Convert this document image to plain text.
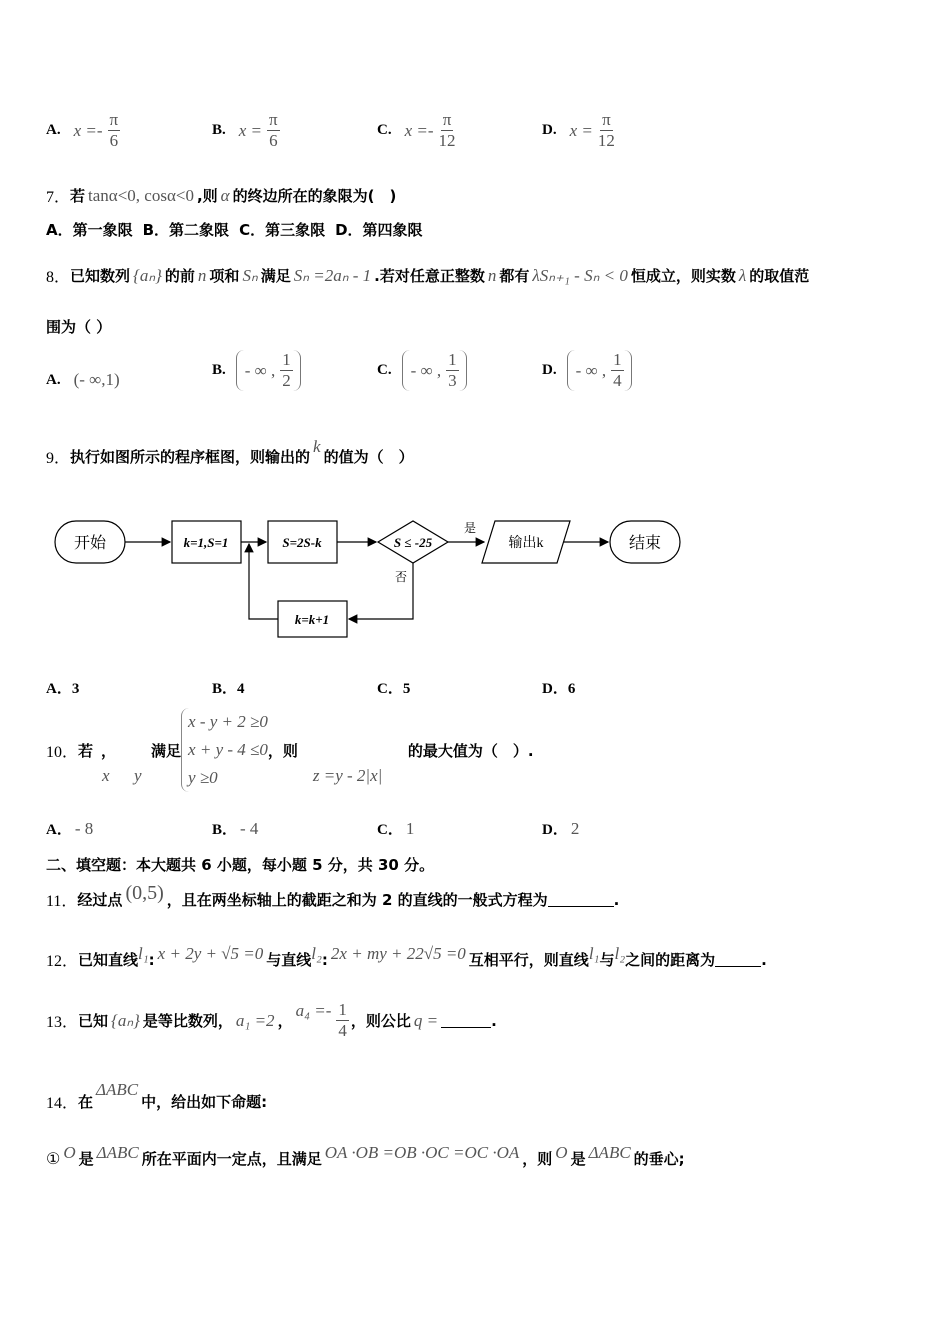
A. $x =- \frac{\pi}{6}$	B. $x = \frac{\pi}{6}$	C. $x =- \frac{\pi}{12}$	D. $x = \frac{\pi}{12}$
7． 若 tanα<0, cosα<0 ,则 α 的终边所在的象限为(　)
A．第一象限 B．第二象限 C．第三象限 D．第四象限
8． 已知数列 {aₙ} 的前 n 项和 Sₙ 满足 Sₙ =2aₙ - 1 .若对任意正整数 n 都有 λSₙ₊₁ - Sₙ < 0 恒成立，则实数 λ 的取值范
围为（ ）
A. (- ∞,1)	B. - ∞ , $\frac{1}{2}$	C. - ∞ , $\frac{1}{3}$	D. - ∞ , $\frac{1}{4}$
9． 执行如图所示的程序框图，则输出的
k
的值为（　）
开始	k=1,S=1	S=2S-k	S ≤ -25
是
否
输出k	结束
k=k+1
A．3	B．4	C．5	D．6
10． 若 ，
x y
满足
x - y + 2 ≥0
x + y - 4 ≤0
y ≥0
，则
z =y - 2|x|
的最大值为（　）.
A． - 8	B． - 4	C． 1	D． 2
二、填空题：本大题共 6 小题，每小题 5 分，共 30 分。
11． 经过点 (0,5) ，且在两坐标轴上的截距之和为 2 的直线的一般式方程为	.
12． 已知直线 l₁ : x + 2y + √5 =0 与直线 l₂ : 2x + my + 22√5 =0 互相平行，则直线 l₁ 与 l₂ 之间的距离为	.
13． 已知 {aₙ} 是等比数列， a₁ =2 ，
$a_4 =- \frac{1}{4}$ ，则公比 q =	.
14． 在
ΔABC
中，给出如下命题:
① O 是 ΔABC 所在平面内一定点，且满足 OA ·OB =OB ·OC =OC ·OA ，则 O 是 ΔABC 的垂心;
